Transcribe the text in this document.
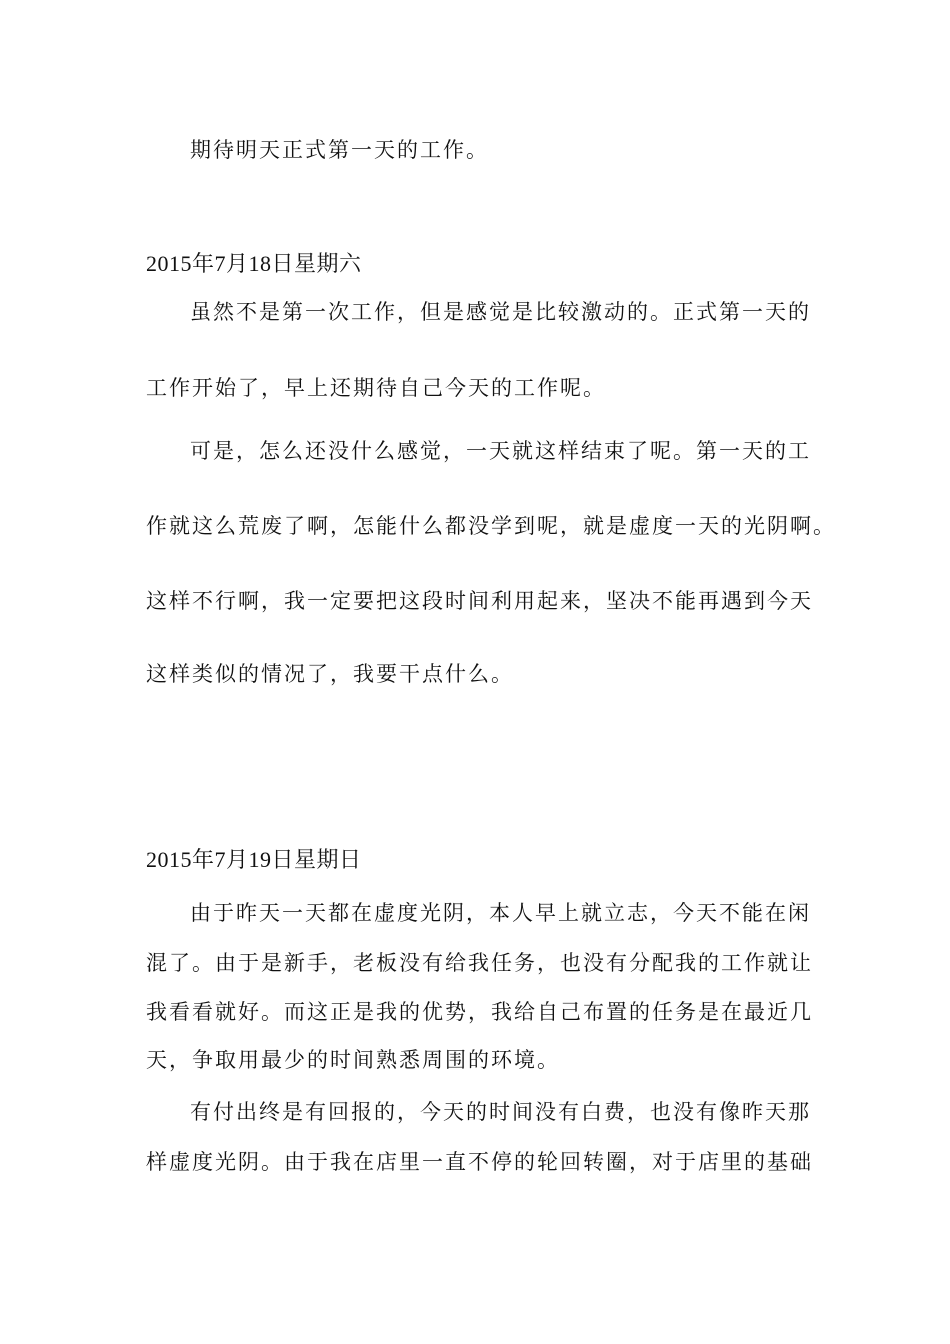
期待明天正式第一天的工作。

2015年7月18日星期六

虽然不是第一次工作，但是感觉是比较激动的。正式第一天的

工作开始了，早上还期待自己今天的工作呢。

可是，怎么还没什么感觉，一天就这样结束了呢。第一天的工

作就这么荒废了啊，怎能什么都没学到呢，就是虚度一天的光阴啊。

这样不行啊，我一定要把这段时间利用起来，坚决不能再遇到今天

这样类似的情况了，我要干点什么。

2015年7月19日星期日

由于昨天一天都在虚度光阴，本人早上就立志，今天不能在闲

混了。由于是新手，老板没有给我任务，也没有分配我的工作就让

我看看就好。而这正是我的优势，我给自己布置的任务是在最近几

天，争取用最少的时间熟悉周围的环境。

有付出终是有回报的，今天的时间没有白费，也没有像昨天那

样虚度光阴。由于我在店里一直不停的轮回转圈，对于店里的基础
